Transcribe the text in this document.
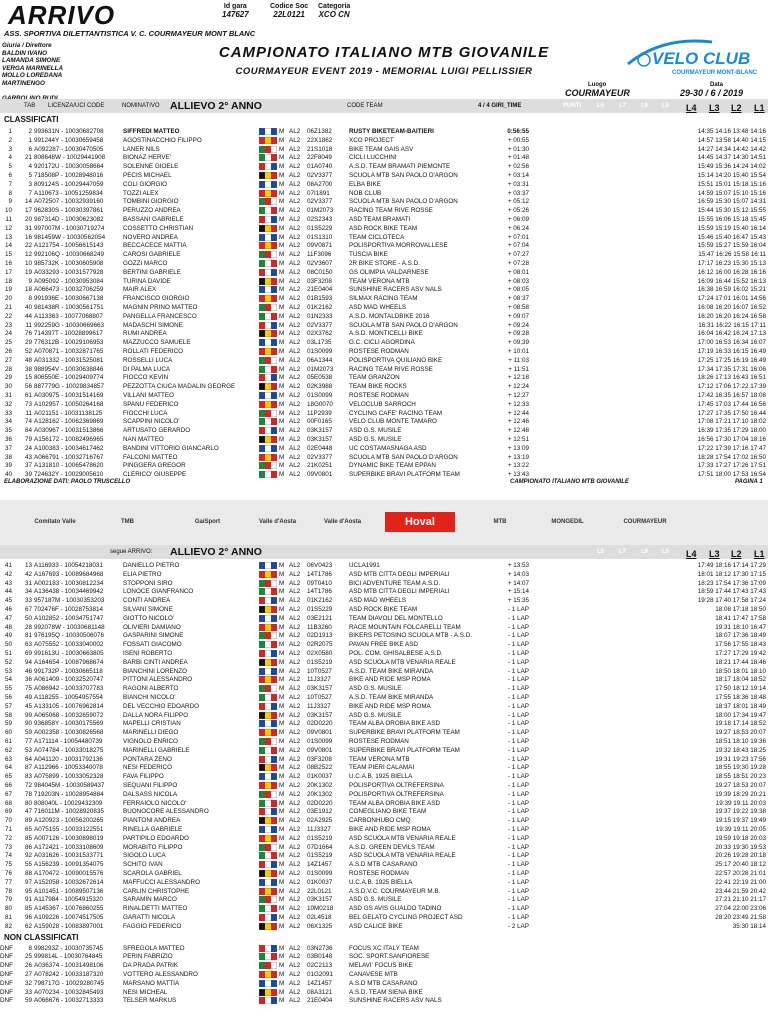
ARRIVO	Id gara
147627
Codice Soc
22L0121
Categoria
XCO CN
ASS. SPORTIVA DILETTANTISTICA V. C. COURMAYEUR MONT BLANC
Giuria / Direttore
BALDIN IVANO
LAMANDA SIMONE
VERGA MARINELLA
MOLLO LOREDANA
MARTINENGO

CAMPIONATO ITALIANO MTB GIOVANILE
COURMAYEUR EVENT 2019 - MEMORIAL LUIGI PELLISSIER
VELO CLUB
COURMAYEUR MONT-BLANC
Luogo
COURMAYEUR
Data
29-30 / 6 / 2019
TAB LICENZA/UCI CODE	NOMINATIVO ALLIEVO 2° ANNO	CODE TEAM	4 / 4 GIRI_TIME	PUNTI	L5 L7 L6 L5 L4 L3 L2 L1
CLASSIFICATI
1	2 993631N - 10030682708	SIFFREDI MATTEO	M AL2 06Z1382	RUSTY BIKETEAM-BAITIERI	0:56:55	14:35 14:16 13:48 14:16
2	1 991244Y - 10030659458	AGOSTINACCHIO FILIPPO	M AL2 22X1862	XCO PROJECT	+ 00:55	14:57 13:58 14:40 14:15
3	6 A092287 - 10030470505	LANER NILS	M AL2 21S1018	BIKE TEAM GAIS ASV	+ 01:30	14:27 14:34 14:42 14:42
4	21 808648W - 10029441908	BIONAZ HERVE'	M AL2 22F8049	CICLI LUCCHINI	+ 01:48	14:45 14:37 14:30 14:51
5	4 920172U - 10030058664	SOLENNE GIOELE	M AL2 01A0740	A.S.D. TEAM BRAMATI PIEMONTE	+ 02:56	15:49 15:36 14:24 14:02
6	5 718508P - 10028948016	PECIS MICHAEL	M AL2 02V3377	SCUOLA MTB SAN PAOLO D'ARGON	+ 03:14	15:14 14:20 15:40 15:54
7	3 809124S - 10029447059	COLI GIORGIO	M AL2 08A2700	ELBA BIKE	+ 03:31	15:51 15:01 15:18 15:16
8	7 A110673 - 10051259834	TOZZI ALEX	M AL2 07I1891	NOB CLUB	+ 03:37	14:59 15:07 15:10 15:16
9	14 A072507 - 10032939160	TOMBINI GIORGIO	M AL2 02V3377	SCUOLA MTB SAN PAOLO D'ARGON	+ 05:12	16:59 15:30 15:07 14:31
10	17 962830S - 10030397861	PERUZZO ANDREA	M AL2 01M2073 RACING TEAM RIVE ROSSE	+ 05:26	15:44 15:30 15:12 15:55
11	20 987314D - 10030623082	BASSANI GABRIELE	M AL2 02S2343	ASD TEAM BRAMATI	+ 06:09	15:55 16:06 15:18 15:45
12	31 997007M - 10030719274	COSSETTO CHRISTIAN	M AL2 01S5229	ASD ROCK BIKE TEAM	+ 06:24	15:59 15:19 15:40 16:14
13	16 981459W - 10030562054	NOVERO ANDREA	M AL2 01S1310	TEAM CICLOTECA	+ 07:01	15:46 15:40 16:47 15:43
14	22 A121754 - 10056615143	BECCACECE MATTIA	M AL2 09V0871	POLISPORTIVA MORROVALLESE	+ 07:04	15:59 15:27 15:59 16:04
15	12 992106Q - 10030668249	CAROSI GABRIELE	M AL2 11F3096	TUSCIA BIKE	+ 07:27	15:47 16:26 15:58 16:11
16	10 985732K - 10030605908	GOZZI MARCO	M AL2 02V3607	2R BIKE STORE - A.S.D.	+ 07:28	17:17 16:23 15:30 15:13
17	19 A033293 - 10031577928	BERTINI GABRIELE	M AL2 08C0150	GS OLIMPIA VALDARNESE	+ 08:01	16:12 16:00 16:28 16:16
18	9 A095092 - 10030953084	TURINA DAVIDE	M AL2 03F3208	TEAM VERONA MTB	+ 08:03	16:09 16:44 15:52 16:13
19	18 A066473 - 10032706259	MAIR ALEX	M AL2 21E0404	SUNSHINE RACERS ASV NALS	+ 08:05	16:38 16:59 16:02 15:21
20	8 991936E - 10030667138	FRANCISCO GIORGIO	M AL2 01B1593	SILMAX RACING TEAM	+ 08:37	17:24 17:01 16:01 14:56
21	40 981438R - 10030561751	MAGNIN PRINO MATTEO	M AL2 01K2162	ASD MAD WHEELS	+ 08:58	16:08 16:20 16:07 16:52
22	44 A113363 - 10077068807	PANGELLA FRANCESCO	M AL2 01N2333	A.S.D. MONTALDBIKE 2016	+ 09:07	16:20 16:20 16:24 16:58
23	11 992259G - 10030669663	MADASCHI SIMONE	M AL2 02V3377	SCUOLA MTB SAN PAOLO D'ARGON	+ 09:24	16:31 16:22 16:15 17:11
24	76 714397T - 10028899617	RUMI ANDREA	M AL2 02X3762	A.S.D. MONTICELLI BIKE	+ 09:28	16:04 16:42 16:24 17:13
25	29 776312B - 10029106953	MAZZUCCO SAMUELE	M AL2 03L1735	G.C. CICLI AGORDINA	+ 09:39	17:00 16:53 16:34 16:07
26	52 A070871 - 10032871765	ROLLATI FEDERICO	M AL2 01S0099	ROSTESE RODMAN	+ 10:01	17:19 16:33 16:15 16:49
27	48 A031332 - 10031525081	ROSSELLI LUCA	M AL2 06A1344	POLISPORTIVA QUILIANO BIKE	+ 11:03	17:25 17:25 16:19 16:49
28	38 988954V - 10030638846	DI PALMA LUCA	M AL2 01M2073 RACING TEAM RIVE ROSSE	+ 11:51	17:34 17:35 17:31 16:06
29	15 806550E - 10029409774	FIOCCO KEVIN	M AL2 05E0538	TEAM GRANZON	+ 12:18	18:26 17:13 16:43 16:51
30	56 887779G - 10029834857	PEZZOTTA CIUCA MADALIN GEORGE	M AL2 02K3988	TEAM BIKE ROCKS	+ 12:24	17:12 17:06 17:22 17:39
31	61 A030975 - 10031514169	VILLANI MATTEO	M AL2 01S0099	ROSTESE RODMAN	+ 12:27	17:42 16:35 16:57 18:08
32	73 A102957 - 10050264168	SPANU FEDERICO	M AL2 18G0070	VELOCLUB SARROCH	+ 12:33	17:45 17:03 17:44 16:56
33	11 A021151 - 10031138125	FIOCCHI LUCA	M AL2 11P2939	CYCLING CAFE' RACING TEAM	+ 12:44	17:27 17:35 17:50 16:44
34	74 A128162 - 10062369869	SCAPPINI NICOLO'	M AL2 00F0165	VELO CLUB MONTE TAMARO	+ 12:46	17:08 17:21 17:10 18:02
35	84 A030967 - 10031513866	ARTUSATO GERARDO	M AL2 03K3157	ASD G.S. MUSILE	+ 12:48	16:39 17:35 17:29 18:00
36	79 A156172 - 10082496965	NAN MATTEO	M AL2 03K3157	ASD G.S. MUSILE	+ 12:51	16:56 17:30 17:04 18:16
37	24 A100383 - 10034617462	BANDINI VITTORIO GIANCARLO	M AL2 02E0448	UC COSTAMASNAGA ASD	+ 13:09	17:22 17:39 17:16 17:47
38	43 A066791 - 10032716767	FALCONI MATTEO	M AL2 02V3377	SCUOLA MTB SAN PAOLO D'ARGON	+ 13:19	18:28 17:54 17:02 16:50
39	37 A131810 - 10065478620	PINGGERA GREGOR	M AL2 21K0251	DYNAMIC BIKE TEAM EPPAN	+ 13:22	17:33 17:27 17:26 17:51
40	39 724632Y - 10029005610	CLERICO' GIUSEPPE	M AL2 09V0801	SUPERBIKE BRAVI PLATFORM TEAM	+ 13:43	17:51 18:00 17:53 16:54
ELABORAZIONE DATI: PAOLO TRUSCELLO	CAMPIONATO ITALIANO MTB GIOVANILE	PAGINA 1
Comitato Valle	TMB	GaiSport	Valle d'Aosta	Valle d'Aosta	Hoval	MTB	MONGEDIL	COURMAYEUR
segue ARRIVO: ALLIEVO 2° ANNO	L5 L7 L6 L5 L4 L3 L2 L1
41	13 A116933 - 10054218031	DANIELLO PIETRO	M AL2 06V0423	UCLA1991	+ 13:53	17:49 18:16 17:14 17:29
42	42 A167693 - 10089684968	ELIA PIETRO	M AL2 14T1786	ASD MTB CITTA DEGLI IMPERIALI	+ 14:03	18:01 18:12 17:30 17:15
43	31 A002183 - 10030812234	STOPPONI SIRO	M AL2 09T0410	BICI ADVENTURE TEAM A.S.D.	+ 14:07	18:23 17:54 17:36 17:09
44	34 A136438 - 10034469942	LONOCE GIANFRANCO	M AL2 14T1786	ASD MTB CITTA DEGLI IMPERIALI	+ 15:14	18:59 17:44 17:43 17:43
45	33 957187M - 10030353203	CONTI ANDREA	M AL2 01K2162	ASD MAD WHEELS	+ 15:35	19:28 17:40 17:58 17:24
46	67 702476F - 10028753814	SILVANI SIMONE	M AL2 01S5229	ASD ROCK BIKE TEAM	- 1 LAP	18:08 17:18 18:50
47	50 A102852 - 10034751747	GIOTTO NICOLO'	M AL2 03E2121	TEAM DIAVOLI DEL MONTELLO	- 1 LAP	18:41 17:47 17:58
48	28 992078W - 10030681148	OLIVIERI DAMIANO	M AL2 11B3260	RACE MOUNTAIN FOLCARELLI TEAM	- 1 LAP	19:31 18:10 16:47
49	81 976195Q - 10030506076	GASPARINI SIMONE	M AL2 02D1913	BIKERS PETOSINO SCUOLA MTB - A.S.D.	- 1 LAP	18:07 17:36 18:49
50	63 A075552 - 10033040002	FOSSATI GIACOMO	M AL2 02R2075	PAVAN FREE BIKE ASD	- 1 LAP	17:56 17:55 18:43
51	69 991613U - 10030663805	ISENI ROBERTO	M AL2 02X0580	POL. COM. GHISALBESE A.S.D.	- 1 LAP	17:27 17:29 19:42
52	94 A164654 - 10087968674	BARBI CINTI ANDREA	M AL2 01S5219	ASD SCUOLA MTB VENARIA REALE	- 1 LAP	18:21 17:44 18:46
53	46 991732P - 10030665118	BIANCHINI LORENZO	M AL2 10T0527	A.S.D. TEAM BIKE MIRANDA	- 1 LAP	18:50 18:01 18:10
54	36 A061409 - 10032520747	PITTONI ALESSANDRO	M AL2 11J3327	BIKE AND RIDE MSP ROMA	- 1 LAP	18:17 18:04 18:52
55	75 A086942 - 10033707783	RAGONI ALBERTO	M AL2 03K3157	ASD G.S. MUSILE	- 1 LAP	17:50 18:12 19:14
56	49 A118255 - 10054957554	BIANCHI NICOLO'	M AL2 10T0527	A.S.D. TEAM BIKE MIRANDA	- 1 LAP	17:55 18:36 18:48
57	45 A133105 - 10076962814	DEL VECCHIO EDOARDO	M AL2 11J3327	BIKE AND RIDE MSP ROMA	- 1 LAP	18:37 18:01 18:49
58	99 A065068 - 10032659072	DALLA NORA FILIPPO	M AL2 03K3157	ASD G.S. MUSILE	- 1 LAP	18:00 17:34 19:47
59	90 936858Y - 10030175569	MAPELLI CRISTIAN	M AL2 02D0220	TEAM ALBA OROBIA BIKE ASD	- 1 LAP	19:18 17:14 18:52
60	59 A002358 - 10030826568	MARINELLI DIEGO	M AL2 09V0801	SUPERBIKE BRAVI PLATFORM TEAM	- 1 LAP	19:27 18:53 20:07
61	77 A171114 - 10054480739	VIGNOLO ENRICO	M AL2 01S0099	ROSTESE RODMAN	- 1 LAP	18:51 18:10 19:36
62	53 A074784 - 10033018275	MARINELLI GABRIELE	M AL2 09V0801	SUPERBIKE BRAVI PLATFORM TEAM	- 1 LAP	19:32 18:43 18:25
63	64 A041120 - 10031792136	PONTARA ZENO	M AL2 03F3208	TEAM VERONA MTB	- 1 LAP	19:31 19:23 17:56
64	87 A112966 - 10053340078	NESI FEDERICO	M AL2 08B2522	TEAM PIERI CALAMAI	- 1 LAP	18:55 19:30 19:28
65	83 A075899 - 10033052328	FAVA FILIPPO	M AL2 01K0037	U.C.A.B. 1925 BIELLA	- 1 LAP	18:55 18:51 20:23
66	72 984045M - 10030589437	SEQUANI FILIPPO	M AL2 20K1302	POLISPORTIVA OLTREFERSINA	- 1 LAP	19:27 18:53 20:07
67	78 719203N - 10028954884	DALSASS NICOLA	M AL2 20K1302	POLISPORTIVA OLTREFERSINA	- 1 LAP	19:39 18:29 20:21
68	80 808040L - 10029432309	FERRAIOLO NICOLO'	M AL2 02D0220	TEAM ALBA OROBIA BIKE ASD	- 1 LAP	19:39 19:11 20:03
69	47 716011M - 10028920835	BUONOCORE ALESSANDRO	M AL2 03E1912	CONEGLIANO BIKE TEAM	- 1 LAP	19:37 19:22 19:38
70	89 A120923 - 10056200265	PIANTONI ANDREA	M AL2 02A2925	CARBONHUBO CMQ	- 1 LAP	19:15 19:37 19:49
71	65 A075155 - 10033122551	RINELLA GABRIELE	M AL2 11J3327	BIKE AND RIDE MSP ROMA	- 1 LAP	19:39 19:11 20:05
72	85 A007126 - 10030898019	PARTIPILO EDOARDO	M AL2 01S5219	ASD SCUOLA MTB VENARIA REALE	- 1 LAP	19:59 19:18 20:03
73	86 A172421 - 10033108609	MORABITO FILIPPO	M AL2 07D1664	A.S.D. GREEN DEVILS TEAM	- 1 LAP	20:33 19:30 19:53
74	92 A031626 - 10031533771	SIGOLO LUCA	M AL2 01S5219	ASD SCUOLA MTB VENARIA REALE	- 1 LAP	20:26 19:28 20:18
75	55 A156239 - 10091354075	SCHITO IVAN	M AL2 14Z1457	A.S.D MTB CASARANO	- 1 LAP	25:17 20:40 18:12
76	88 A170472 - 10090015576	SCAROLA GABRIEL	M AL2 01S0099	ROSTESE RODMAN	- 1 LAP	22:57 20:28 21:01
77	97 A152058 - 10032672614	MAFFUCCI ALESSANDRO	M AL2 01K0037	U.C.A.B. 1925 BIELLA	- 1 LAP	22:41 22:19 21:00
78	95 A101451 - 10089507136	CARLIN CHRISTOPHE	M AL2 22L0121	A.S.D.V.C. COURMAYEUR M.B.	- 1 LAP	23:44 21:59 20:42
79	91 A117984 - 10054915320	SARAMIN MARCO	M AL2 03K3157	ASD G.S. MUSILE	- 1 LAP	27:21 21:10 21:17
80	85 A145367 - 10076860255	RINALDETTI MATTEO	M AL2 10M0218 ASD GS AVIS GUALDO TADINO	- 1 LAP	27:04 22:00 23:06
81	96 A109226 - 10074517505	GARATTI NICOLA	M AL2 02L4518	BEL GELATO CYCLING PROJECT ASD	- 1 LAP	28:20 23:49 21:58
82	62 A159028 - 10083897001	FAGGIO FEDERICO	M AL2 06X1325	ASD CALICE BIKE	- 2 LAP	35:30 18:14
NON CLASSIFICATI
DNF	8 998293Z - 10030735745	SFREGOLA MATTEO	M AL2 03N2736	FOCUS XC ITALY TEAM
DNF	25 999814L - 10030764845	PERIN FABRIZIO	M AL2 03B0148	SOC. SPORT.SANFIORESE
DNF	26 A036374 - 10031498106	DA PRADA PATRIK	M AL2 02C2113	MELAVI' FOCUS BIKE
DNF	27 A078242 - 10033187320	VOTTERO ALESSANDRO	M AL2 01G2091	CANAVESE MTB
DNF	32 798717G - 10029280745	MARSANO MATTIA	M AL2 14Z1457	A.S.D MTB CASARANO
DNF	33 A070234 - 10032845493	NESI MICHEAL	M AL2 08A3121	A.S.D. TEAM SIENA BIKE
DNF	59 A066676 - 10032713333	TELSER MARKUS	M AL2 21E0404	SUNSHINE RACERS ASV NALS
